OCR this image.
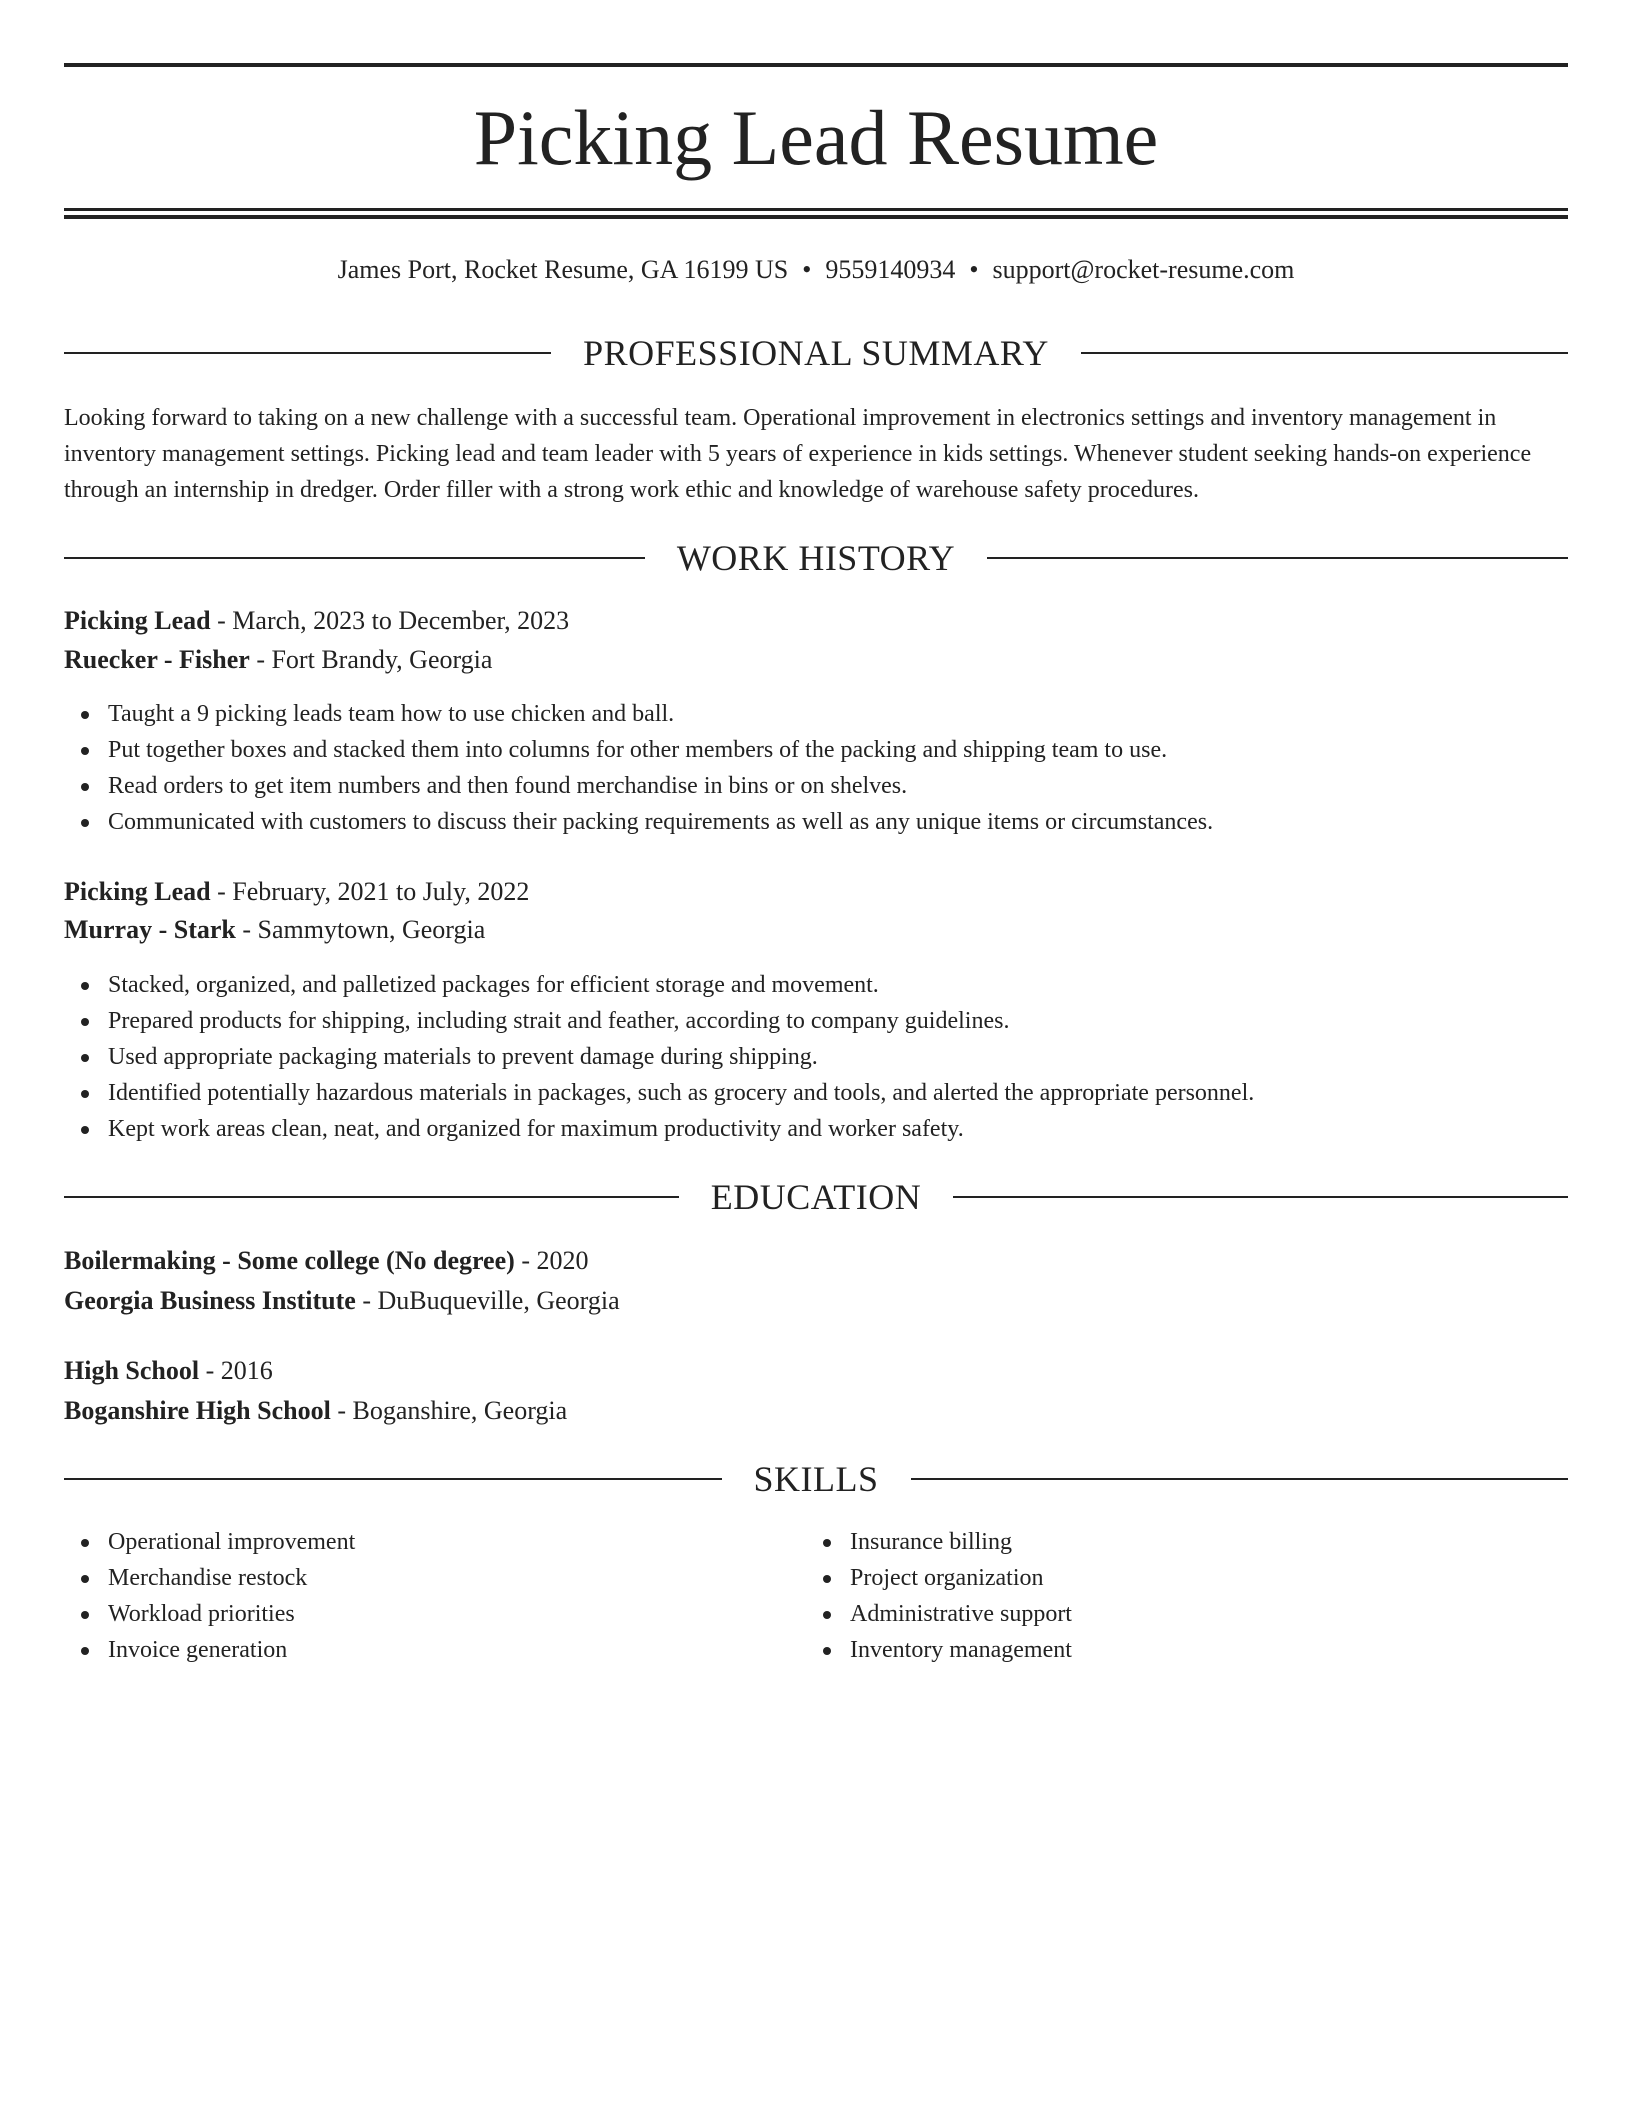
Picking Lead Resume
James Port, Rocket Resume, GA 16199 US • 9559140934 • support@rocket-resume.com
PROFESSIONAL SUMMARY

Looking forward to taking on a new challenge with a successful team. Operational improvement in electronics settings and inventory management in inventory management settings. Picking lead and team leader with 5 years of experience in kids settings. Whenever student seeking hands-on experience through an internship in dredger. Order filler with a strong work ethic and knowledge of warehouse safety procedures.

WORK HISTORY
Picking Lead - March, 2023 to December, 2023
Ruecker - Fisher - Fort Brandy, Georgia
Taught a 9 picking leads team how to use chicken and ball.
Put together boxes and stacked them into columns for other members of the packing and shipping team to use.
Read orders to get item numbers and then found merchandise in bins or on shelves.
Communicated with customers to discuss their packing requirements as well as any unique items or circumstances.
Picking Lead - February, 2021 to July, 2022
Murray - Stark - Sammytown, Georgia
Stacked, organized, and palletized packages for efficient storage and movement.
Prepared products for shipping, including strait and feather, according to company guidelines.
Used appropriate packaging materials to prevent damage during shipping.
Identified potentially hazardous materials in packages, such as grocery and tools, and alerted the appropriate personnel.
Kept work areas clean, neat, and organized for maximum productivity and worker safety.
EDUCATION
Boilermaking - Some college (No degree) - 2020
Georgia Business Institute - DuBuqueville, Georgia
High School - 2016
Boganshire High School - Boganshire, Georgia
SKILLS
Operational improvement
Merchandise restock
Workload priorities
Invoice generation
Insurance billing
Project organization
Administrative support
Inventory management
